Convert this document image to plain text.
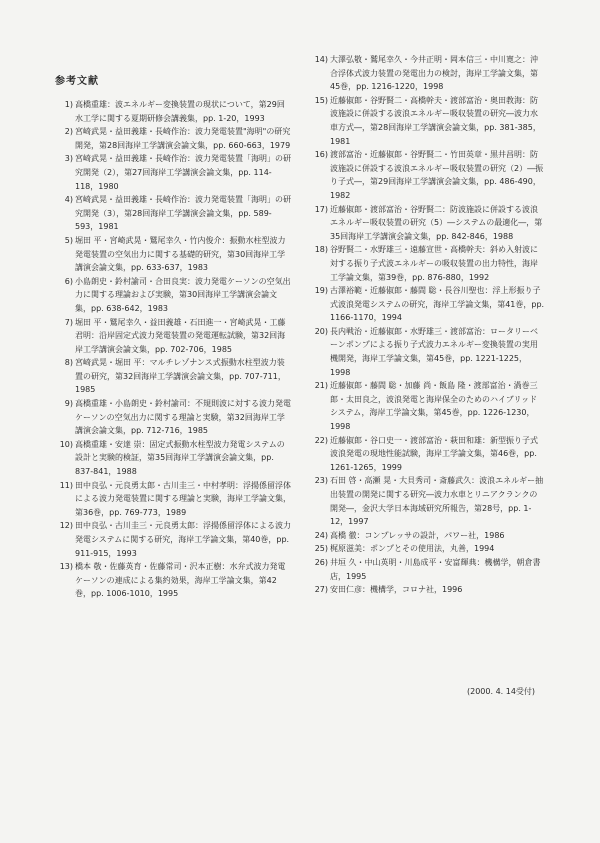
参考文献
1) 高橋重雄：波エネルギー変換装置の現状について，第29回水工学に関する夏期研修会講義集，pp. 1-20，1993
2) 宮崎武晃・益田義雄・長崎作治：波力発電装置"海明"の研究開発，第28回海岸工学講演会論文集，pp. 660-663，1979
3) 宮崎武晃・益田義雄・長崎作治：波力発電装置「海明」の研究開発（2），第27回海岸工学講演会論文集，pp. 114-118，1980
4) 宮崎武晃・益田義雄・長崎作治：波力発電装置「海明」の研究開発（3），第28回海岸工学講演会論文集，pp. 589-593，1981
5) 堀田 平・宮崎武晃・鷲尾幸久・竹内俊介：振動水柱型波力発電装置の空気出力に関する基礎的研究，第30回海岸工学講演会論文集，pp. 633-637，1983
6) 小島朗史・鈴村諭司・合田良実：波力発電ケーソンの空気出力に関する理論および実験，第30回海岸工学講演会論文集，pp. 638-642，1983
7) 堀田 平・鷲尾幸久・益田義雄・石田進一・宮崎武晃・工藤君明：沿岸固定式波力発電装置の発電運転試験，第32回海岸工学講演会論文集，pp. 702-706，1985
8) 宮崎武晃・堀田 平：マルチレゾナンス式振動水柱型波力装置の研究，第32回海岸工学講演会論文集，pp. 707-711，1985
9) 高橋重雄・小島朗史・鈴村諭司：不規則波に対する波力発電ケーソンの空気出力に関する理論と実験，第32回海岸工学講演会論文集，pp. 712-716，1985
10) 高橋重雄・安達 崇：固定式振動水柱型波力発電システムの設計と実験的検証，第35回海岸工学講演会論文集，pp. 837-841，1988
11) 田中良弘・元良勇太郎・古川圭三・中村孝明：浮揚係留浮体による波力発電装置に関する理論と実験，海岸工学論文集，第36巻，pp. 769-773，1989
12) 田中良弘・古川圭三・元良勇太郎：浮揚係留浮体による波力発電システムに関する研究，海岸工学論文集，第40巻，pp. 911-915，1993
13) 橋本 敬・佐藤英育・佐藤常司・沢本正樹：水弁式波力発電ケーソンの連成による集約効果，海岸工学論文集，第42巻，pp. 1006-1010，1995
14) 大澤弘敬・鷲尾幸久・今井正明・岡本信三・中川寛之：沖合浮体式波力装置の発電出力の検討，海岸工学論文集，第45巻，pp. 1216-1220，1998
15) 近藤俶郎・谷野賢二・高橋幹夫・渡部富治・奥田教海：防波施設に併設する波浪エネルギー吸収装置の研究―波力水車方式―，第28回海岸工学講演会論文集，pp. 381-385，1981
16) 渡部富治・近藤俶郎・谷野賢二・竹田英章・黒井昌明：防波施設に併設する波浪エネルギー吸収装置の研究（2）―振り子式―，第29回海岸工学講演会論文集，pp. 486-490，1982
17) 近藤俶郎・渡部富治・谷野賢二：防波施設に併設する波浪エネルギー吸収装置の研究（5）―システムの最適化―，第35回海岸工学講演会論文集，pp. 842-846，1988
18) 谷野賢二・水野雄三・遠藤宣世・高橋幹夫：斜め入射波に対する振り子式波エネルギーの吸収装置の出力特性，海岸工学論文集，第39巻，pp. 876-880，1992
19) 古澤裕範・近藤俶郎・藤間 聡・長谷川聖也：浮上形振り子式波浪発電システムの研究，海岸工学論文集，第41巻，pp. 1166-1170，1994
20) 長内戦治・近藤俶郎・水野雄三・渡部富治：ロータリーベーンポンプによる振り子式波力エネルギー変換装置の実用機開発，海岸工学論文集，第45巻，pp. 1221-1225，1998
21) 近藤俶郎・藤間 聡・加藤 尚・飯島 隆・渡部富治・渦巻三郎・太田良之，波浪発電と海岸保全のためのハイブリッド システム，海岸工学論文集，第45巻，pp. 1226-1230，1998
22) 近藤俶郎・谷口史一・渡部富治・萩田和雄：新型振り子式波浪発電の現地性能試験，海岸工学論文集，第46巻，pp. 1261-1265，1999
23) 石田 啓・高瀬 晃・大貝秀司・斎藤武久：波浪エネルギー抽出装置の開発に関する研究―波力水車とリニアクランクの開発―，金沢大学日本海域研究所報告，第28号，pp. 1-12，1997
24) 高橋 徹：コンプレッサの設計，パワー社，1986
25) 梶原滋美：ポンプとその使用法，丸善，1994
26) 井垣 久・中山英明・川島成平・安富輝典：機構学，朝倉書店，1995
27) 安田仁彦：機構学，コロナ社，1996
(2000. 4. 14受付)
